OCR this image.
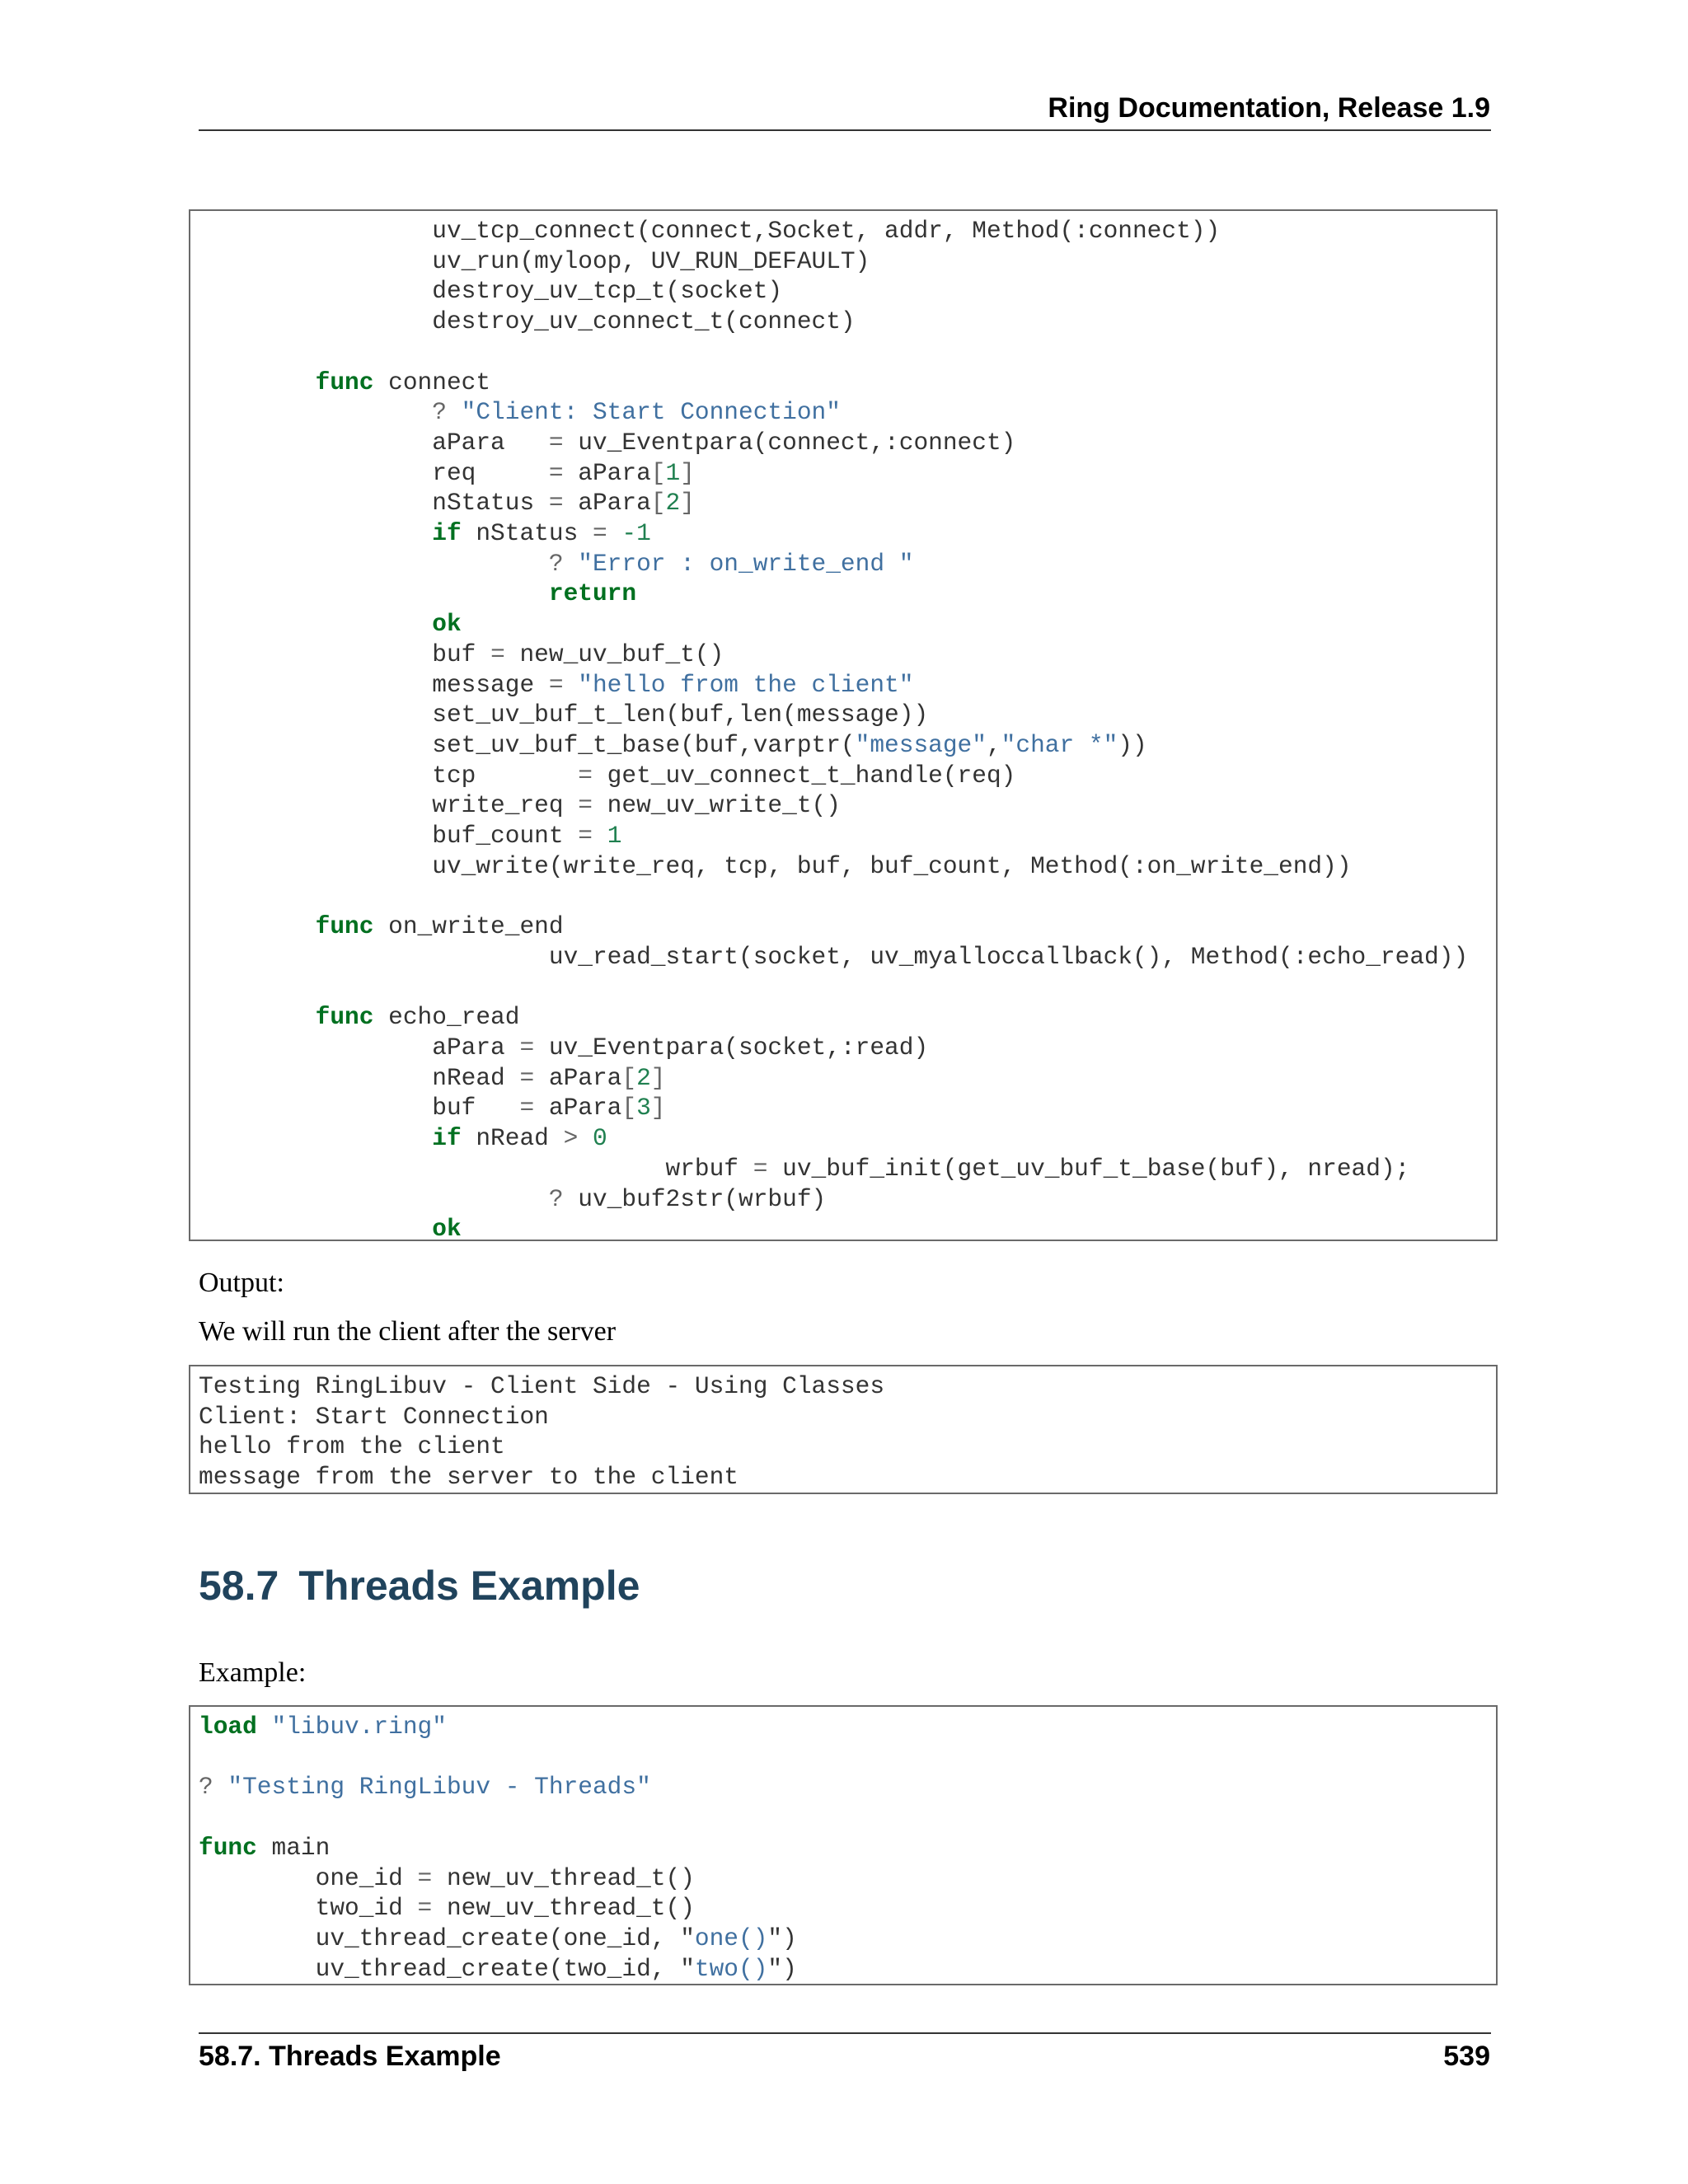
Ring Documentation, Release 1.9
uv_tcp_connect(connect,Socket, addr, Method(:connect))
uv_run(myloop, UV_RUN_DEFAULT)
destroy_uv_tcp_t(socket)
destroy_uv_connect_t(connect)

func connect
? "Client: Start Connection"
aPara   = uv_Eventpara(connect,:connect)
req     = aPara[1]
nStatus = aPara[2]
if nStatus = -1
? "Error : on_write_end "
return
ok
buf = new_uv_buf_t()
message = "hello from the client"
set_uv_buf_t_len(buf,len(message))
set_uv_buf_t_base(buf,varptr("message","char *"))
tcp       = get_uv_connect_t_handle(req)
write_req = new_uv_write_t()
buf_count = 1
uv_write(write_req, tcp, buf, buf_count, Method(:on_write_end))

func on_write_end
uv_read_start(socket, uv_myalloccallback(), Method(:echo_read))

func echo_read
aPara = uv_Eventpara(socket,:read)
nRead = aPara[2]
buf   = aPara[3]
if nRead > 0
wrbuf = uv_buf_init(get_uv_buf_t_base(buf), nread);
? uv_buf2str(wrbuf)
ok
Output:
We will run the client after the server
Testing RingLibuv - Client Side - Using Classes
Client: Start Connection
hello from the client
message from the server to the client
58.7 Threads Example
Example:
load "libuv.ring"

? "Testing RingLibuv - Threads"

func main
one_id = new_uv_thread_t()
two_id = new_uv_thread_t()
uv_thread_create(one_id, "one()")
uv_thread_create(two_id, "two()")
58.7. Threads Example	539
